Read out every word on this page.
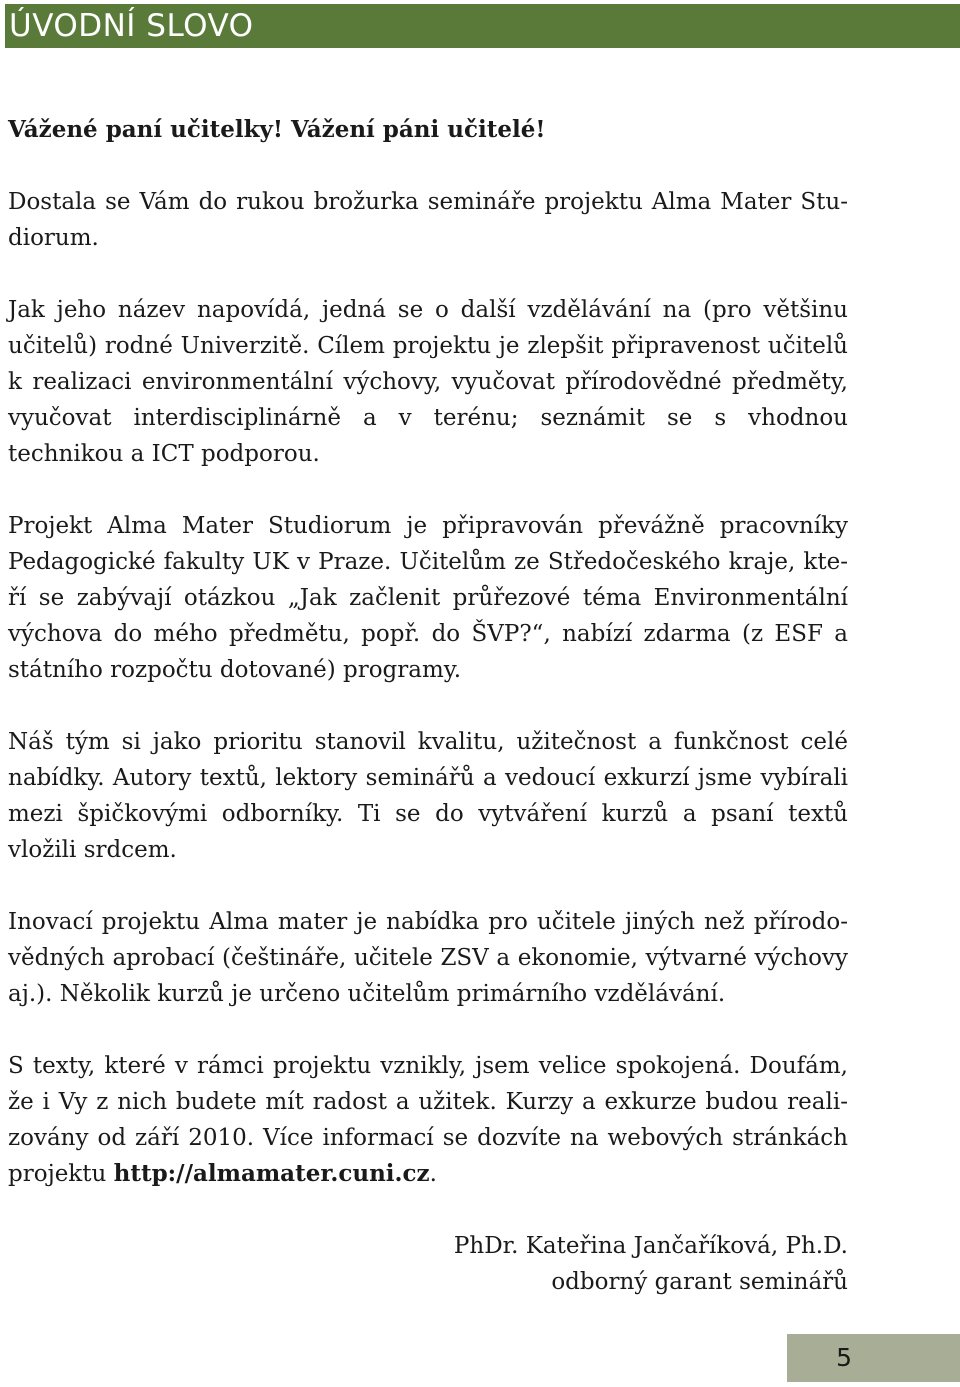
ÚVODNÍ SLOVO

Vážené paní učitelky! Vážení páni učitelé!

Dostala se Vám do rukou brožurka semináře projektu Alma Mater Studiorum.

Jak jeho název napovídá, jedná se o další vzdělávání na (pro většinu učitelů) rodné Univerzitě. Cílem projektu je zlepšit připravenost učitelů k realizaci environmentální výchovy, vyučovat přírodovědné předměty, vyučovat interdisciplinárně a v terénu; seznámit se s vhodnou technikou a ICT podporou.

Projekt Alma Mater Studiorum je připravován převážně pracovníky Pedagogické fakulty UK v Praze. Učitelům ze Středočeského kraje, kteří se zabývají otázkou „Jak začlenit průřezové téma Environmentální výchova do mého předmětu, popř. do ŠVP?“, nabízí zdarma (z ESF a státního rozpočtu dotované) programy.

Náš tým si jako prioritu stanovil kvalitu, užitečnost a funkčnost celé nabídky. Autory textů, lektory seminářů a vedoucí exkurzí jsme vybírali mezi špičkovými odborníky. Ti se do vytváření kurzů a psaní textů vložili srdcem.

Inovací projektu Alma mater je nabídka pro učitele jiných než přírodovědných aprobací (češtináře, učitele ZSV a ekonomie, výtvarné výchovy aj.). Několik kurzů je určeno učitelům primárního vzdělávání.

S texty, které v rámci projektu vznikly, jsem velice spokojená. Doufám, že i Vy z nich budete mít radost a užitek. Kurzy a exkurze budou realizovány od září 2010. Více informací se dozvíte na webových stránkách projektu http://almamater.cuni.cz.

PhDr. Kateřina Jančaříková, Ph.D.
odborný garant seminářů
5
